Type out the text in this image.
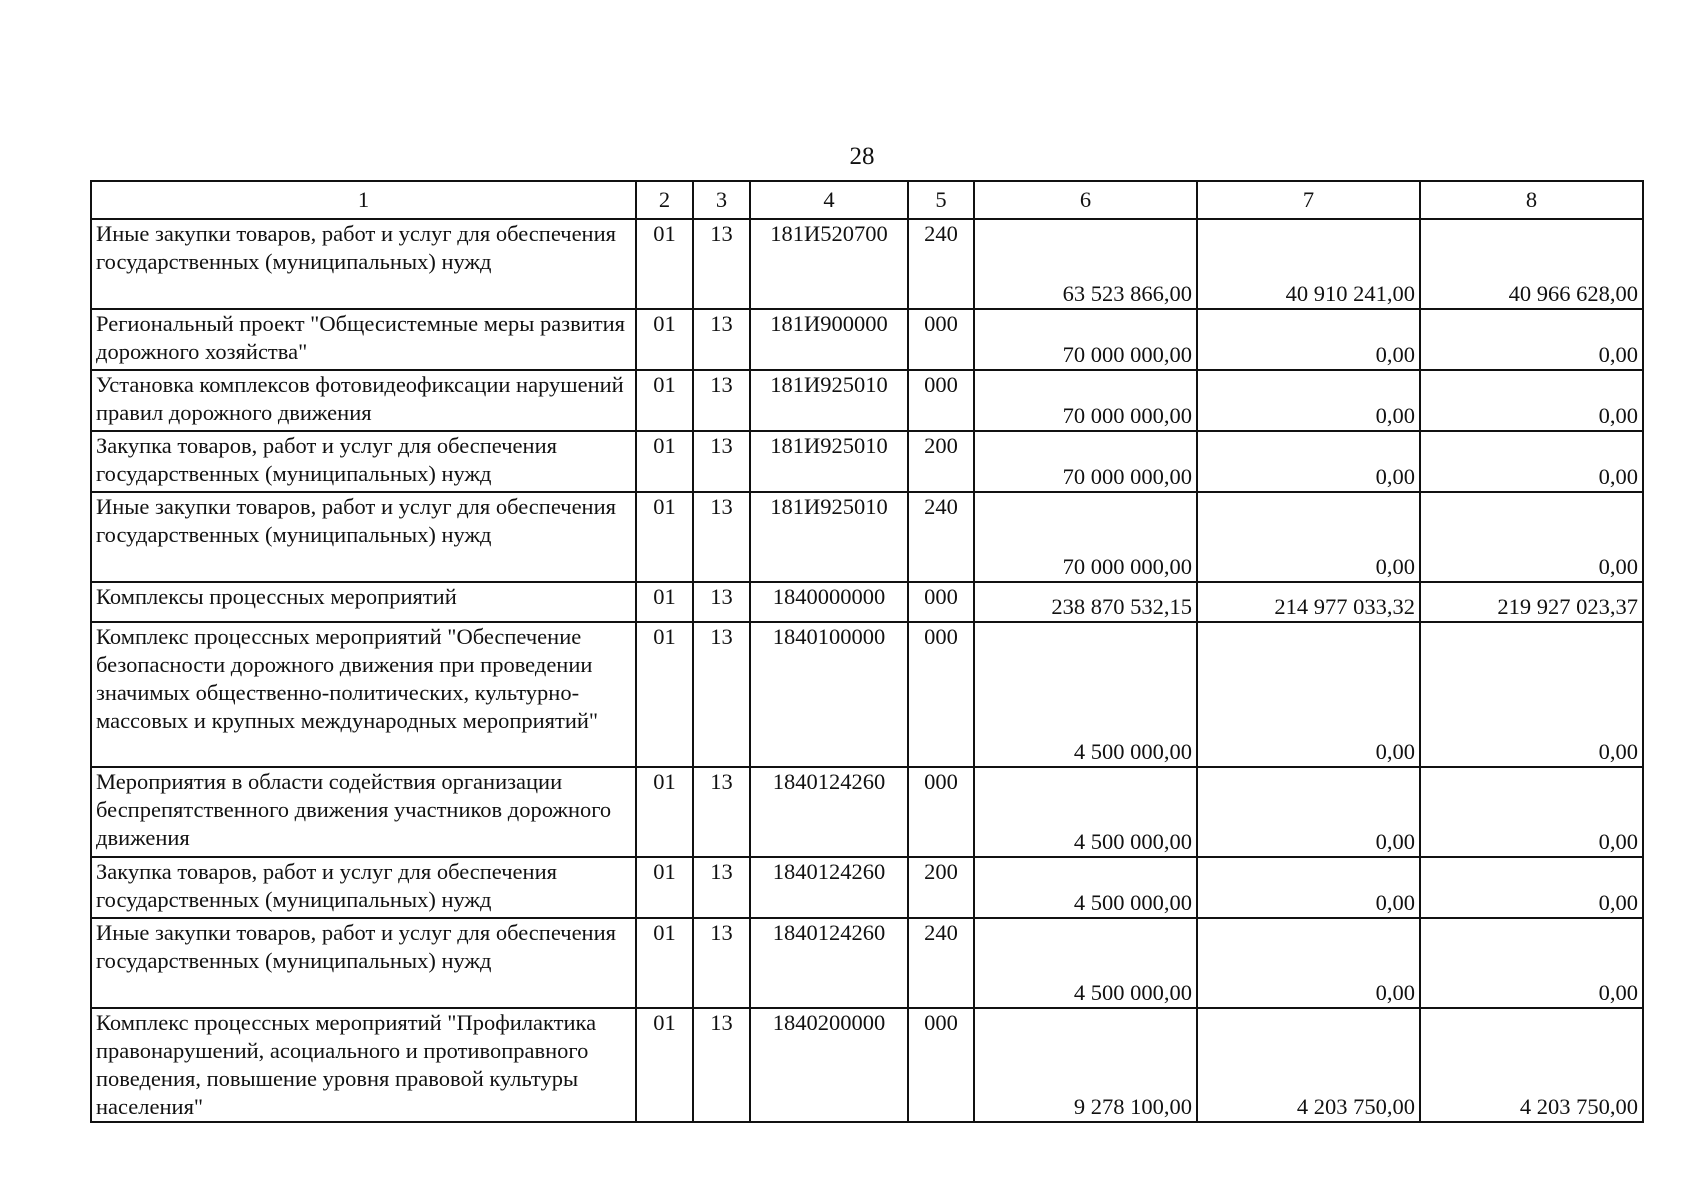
28
1	2	3	4	5	6	7	8
Иные закупки товаров, работ и услуг для обеспечения государственных (муниципальных) нужд	01	13	181И520700	240	63 523 866,00	40 910 241,00	40 966 628,00
Региональный проект "Общесистемные меры развития дорожного хозяйства"	01	13	181И900000	000	70 000 000,00	0,00	0,00
Установка комплексов фотовидеофиксации нарушений правил дорожного движения	01	13	181И925010	000	70 000 000,00	0,00	0,00
Закупка товаров, работ и услуг для обеспечения государственных (муниципальных) нужд	01	13	181И925010	200	70 000 000,00	0,00	0,00
Иные закупки товаров, работ и услуг для обеспечения государственных (муниципальных) нужд	01	13	181И925010	240	70 000 000,00	0,00	0,00
Комплексы процессных мероприятий	01	13	1840000000	000	238 870 532,15	214 977 033,32	219 927 023,37
Комплекс процессных мероприятий "Обеспечение безопасности дорожного движения при проведении значимых общественно-политических, культурно-массовых и крупных международных мероприятий"	01	13	1840100000	000	4 500 000,00	0,00	0,00
Мероприятия в области содействия организации беспрепятственного движения участников дорожного движения	01	13	1840124260	000	4 500 000,00	0,00	0,00
Закупка товаров, работ и услуг для обеспечения государственных (муниципальных) нужд	01	13	1840124260	200	4 500 000,00	0,00	0,00
Иные закупки товаров, работ и услуг для обеспечения государственных (муниципальных) нужд	01	13	1840124260	240	4 500 000,00	0,00	0,00
Комплекс процессных мероприятий "Профилактика правонарушений, асоциального и противоправного поведения, повышение уровня правовой культуры населения"	01	13	1840200000	000	9 278 100,00	4 203 750,00	4 203 750,00
